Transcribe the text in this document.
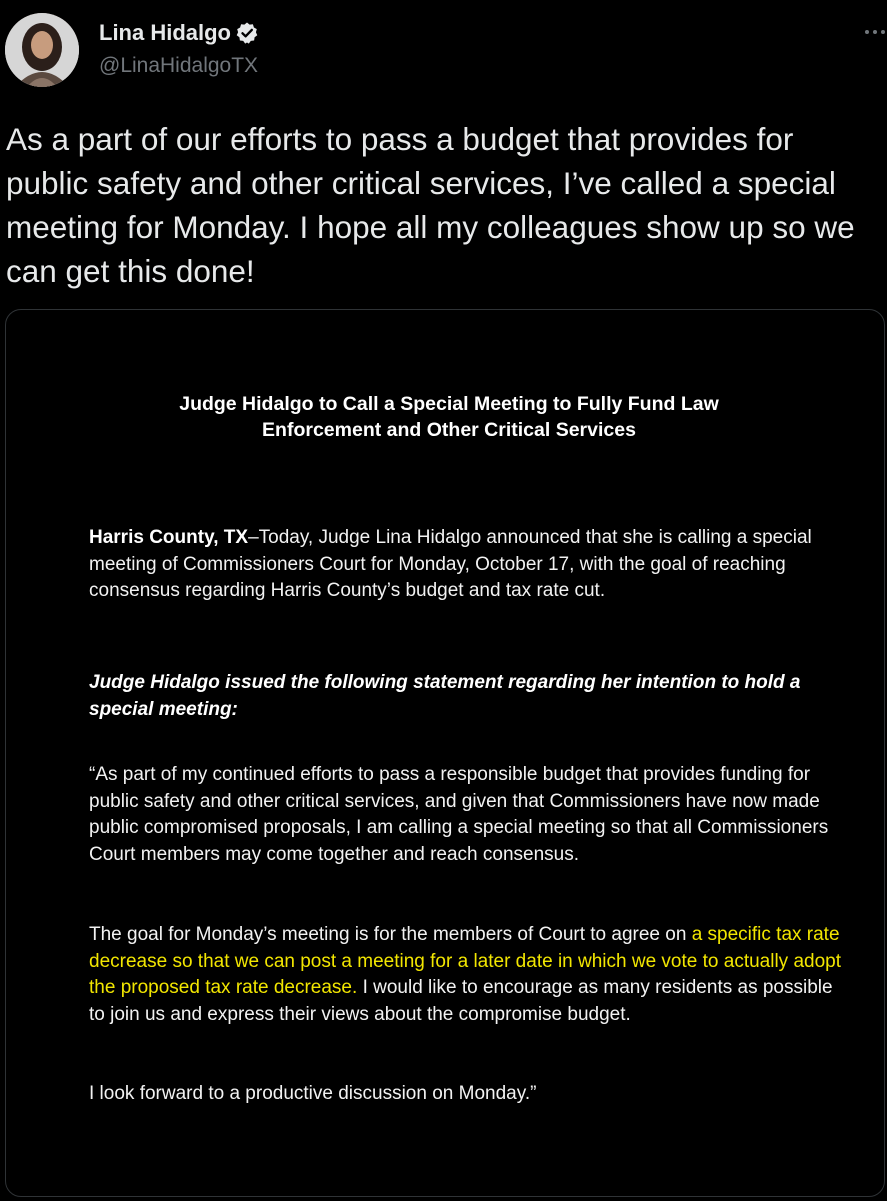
Lina Hidalgo
@LinaHidalgoTX

As a part of our efforts to pass a budget that provides for public safety and other critical services, I’ve called a special meeting for Monday. I hope all my colleagues show up so we can get this done!

Judge Hidalgo to Call a Special Meeting to Fully Fund Law
Enforcement and Other Critical Services

Harris County, TX–Today, Judge Lina Hidalgo announced that she is calling a special meeting of Commissioners Court for Monday, October 17, with the goal of reaching consensus regarding Harris County’s budget and tax rate cut.

Judge Hidalgo issued the following statement regarding her intention to hold a special meeting:

“As part of my continued efforts to pass a responsible budget that provides funding for public safety and other critical services, and given that Commissioners have now made public compromised proposals, I am calling a special meeting so that all Commissioners Court members may come together and reach consensus.

The goal for Monday’s meeting is for the members of Court to agree on a specific tax rate decrease so that we can post a meeting for a later date in which we vote to actually adopt the proposed tax rate decrease. I would like to encourage as many residents as possible to join us and express their views about the compromise budget.

I look forward to a productive discussion on Monday.”
